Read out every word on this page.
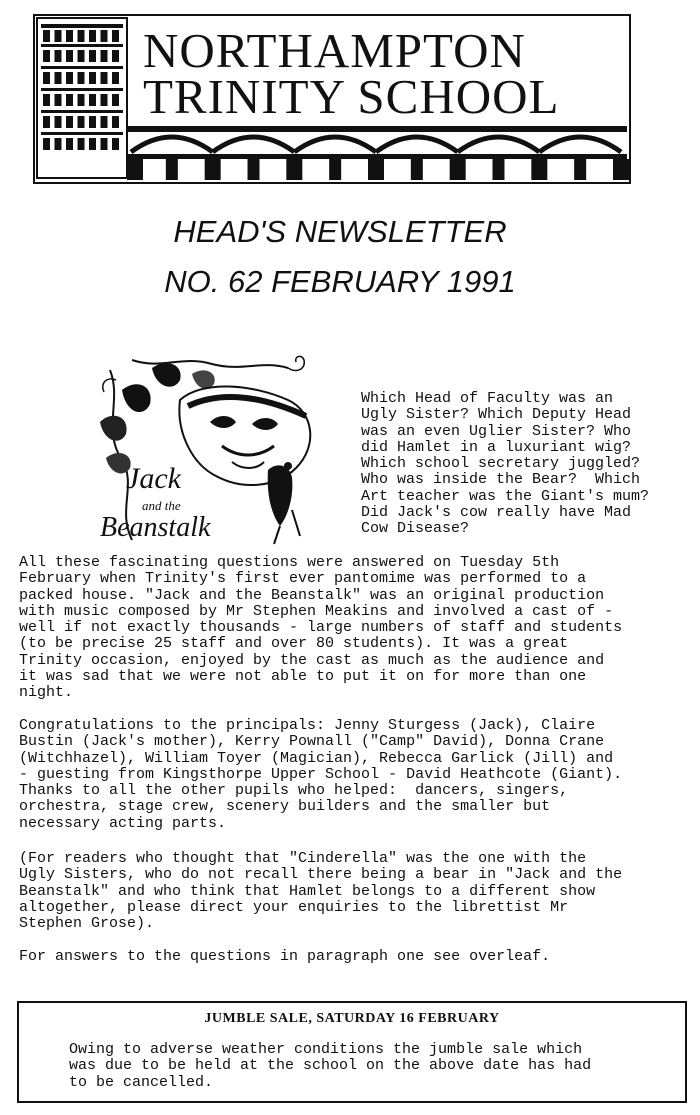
NORTHAMPTON
TRINITY SCHOOL
HEAD'S NEWSLETTER
NO. 62 FEBRUARY 1991
Jack
and the
Beanstalk

Which Head of Faculty was an
Ugly Sister? Which Deputy Head
was an even Uglier Sister? Who
did Hamlet in a luxuriant wig?
Which school secretary juggled?
Who was inside the Bear?  Which
Art teacher was the Giant's mum?
Did Jack's cow really have Mad
Cow Disease?

All these fascinating questions were answered on Tuesday 5th
February when Trinity's first ever pantomime was performed to a
packed house. "Jack and the Beanstalk" was an original production
with music composed by Mr Stephen Meakins and involved a cast of -
well if not exactly thousands - large numbers of staff and students
(to be precise 25 staff and over 80 students). It was a great
Trinity occasion, enjoyed by the cast as much as the audience and
it was sad that we were not able to put it on for more than one
night.

Congratulations to the principals: Jenny Sturgess (Jack), Claire
Bustin (Jack's mother), Kerry Pownall ("Camp" David), Donna Crane
(Witchhazel), William Toyer (Magician), Rebecca Garlick (Jill) and
- guesting from Kingsthorpe Upper School - David Heathcote (Giant).
Thanks to all the other pupils who helped:  dancers, singers,
orchestra, stage crew, scenery builders and the smaller but
necessary acting parts.

(For readers who thought that "Cinderella" was the one with the
Ugly Sisters, who do not recall there being a bear in "Jack and the
Beanstalk" and who think that Hamlet belongs to a different show
altogether, please direct your enquiries to the librettist Mr
Stephen Grose).

For answers to the questions in paragraph one see overleaf.

JUMBLE SALE, SATURDAY 16 FEBRUARY

Owing to adverse weather conditions the jumble sale which
was due to be held at the school on the above date has had
to be cancelled.
